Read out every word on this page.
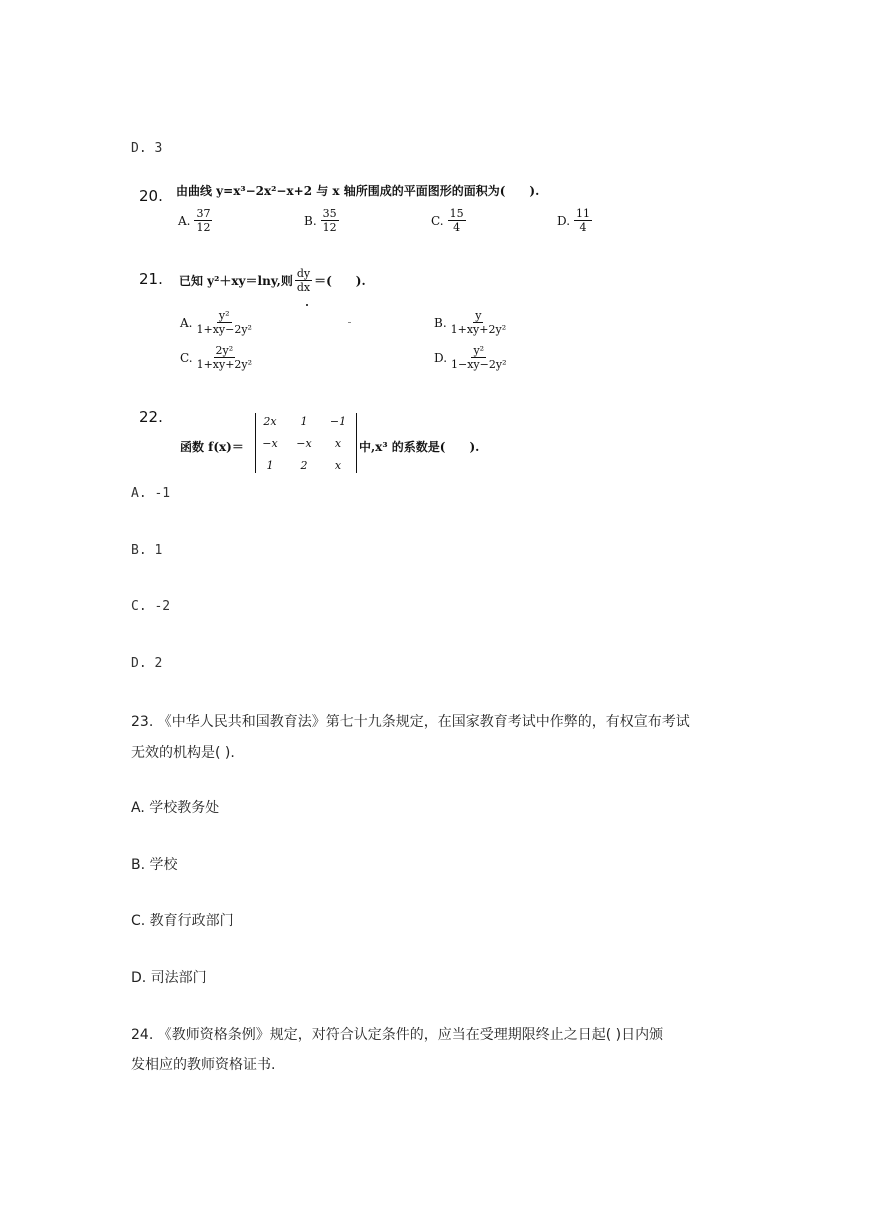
D. 3
20. 由曲线 y=x³−2x²−x+2 与 x 轴所围成的平面图形的面积为(　　).
A. $\frac{37}{12}$	B. $\frac{35}{12}$	C. $\frac{15}{4}$	D. $\frac{11}{4}$
21. 已知 y²＋xy＝lny,则 $\frac{dy}{dx}$ ＝(　　).
A. $\frac{\text{y²}}{\text{1+xy−2y²}}$	B. $\frac{y}{\text{1+xy+2y²}}$
C. $\frac{\text{2y²}}{\text{1+xy+2y²}}$	D. $\frac{\text{y²}}{\text{1−xy−2y²}}$
22.
函数 f(x)＝
2x	1	−1
−x	−x	x
1	2	x
中,x³ 的系数是(　　).
A. -1
B. 1
C. -2
D. 2
23. 《中华人民共和国教育法》第七十九条规定，在国家教育考试中作弊的，有权宣布考试
无效的机构是( ).
A. 学校教务处
B. 学校
C. 教育行政部门
D. 司法部门
24. 《教师资格条例》规定，对符合认定条件的，应当在受理期限终止之日起( )日内颁
发相应的教师资格证书.
